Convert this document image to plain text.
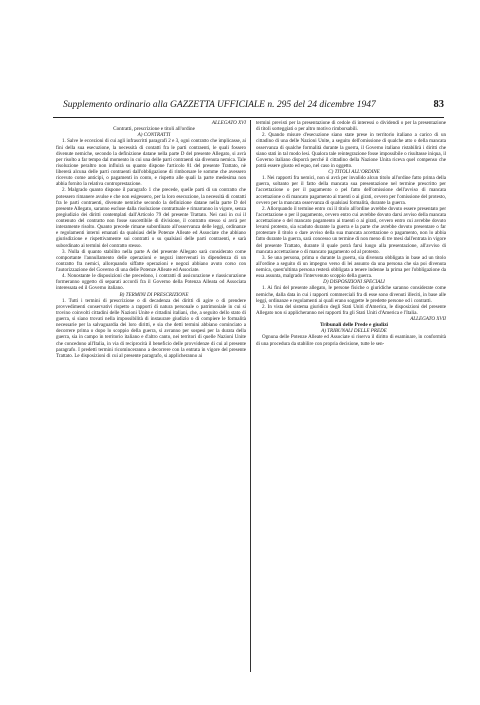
Supplemento ordinario alla GAZZETTA UFFICIALE n. 295 del 24 dicembre 1947	83

ALLEGATO XVI

Contratti, prescrizione e titoli all'ordine

A) CONTRATTI

1. Salve le eccezioni di cui agli infrascritti paragrafi 2 e 3, ogni contratto che implicasse, ai fini della sua esecuzione, la necessità di contatti fra le parti contraenti, le quali fossero divenute nemiche, secondo la definizione datane nella parte D del presente Allegato, si avrà per risolto a far tempo dal momento in cui una delle parti contraenti sia divenuta nemica. Tale risoluzione peraltro non influirà su quanto dispone l'articolo 81 del presente Trattato, nè libererà alcuna delle parti contraenti dall'obbligazione di rimborsare le somme che avessero ricevuto come anticipi, o pagamenti in conto, e rispetto alle quali la parte medesima non abbia fornito la relativa controprestazione.

2. Malgrado quanto dispone il paragrafo 1 che precede, quelle parti di un contratto che potessero rimanere avulse e che non esigessero, per la loro esecuzione, la necessità di contatti fra le parti contraenti, divenute nemiche secondo la definizione datane nella parte D del presente Allegato, saranno escluse dalla risoluzione contrattuale e rimarranno in vigore, senza pregiudizio dei diritti contemplati dall'Articolo 79 del presente Trattato. Nei casi in cui il contenuto del contratto non fosse suscettibile di divisione, il contratto stesso si avrà per interamente risolto. Quanto precede rimane subordinato all'osservanza delle leggi, ordinanze e regolamenti interni emanati da qualsiasi delle Potenze Alleate ed Associate che abbiano giurisdizione e rispettivamente sui contratti o su qualsiasi delle parti contraenti, e sarà subordinato ai termini del contratto stesso.

3. Nulla di quanto stabilito nella parte A del presente Allegato sarà considerato come comportante l'annullamento delle operazioni e negozi intervenuti in dipendenza di un contratto fra nemici, allorquando siffatte operazioni e negozi abbiano avuto corso con l'autorizzazione del Governo di una delle Potenze Alleate ed Associate.

4. Nonostante le disposizioni che precedono, i contratti di assicurazione e riassicurazione formeranno oggetto di separati accordi fra il Governo della Potenza Alleata od Associata interessata ed il Governo italiano.

B) TERMINI DI PRESCRIZIONE

1. Tutti i termini di prescrizione o di decadenza dei diritti di agire o di prendere provvedimenti conservativi rispetto a rapporti di natura personale o patrimoniale in cui si trovino coinvolti cittadini delle Nazioni Unite e cittadini italiani, che, a seguito dello stato di guerra, si siano trovati nella impossibilità di instaurare giudizio o di compiere le formalità necessarie per la salvaguardia dei loro diritti, e sia che detti termini abbiano cominciato a decorrere prima o dopo lo scoppio della guerra, si avranno per sospesi per la durata della guerra, sia in campo in territorio italiano e d'altro canto, nei territori di quelle Nazioni Unite che concedono all'Italia, in via di reciprocità il beneficio delle provvidenze di cui al presente paragrafo. I predetti termini ricominceranno a decorrere con la entrata in vigore del presente Trattato. Le disposizioni di cui al presente paragrafo, si applicheranno ai

termini previsti per la presentazione di cedole di interessi o dividendi o per la presentazione di titoli sorteggiati o per altro motivo rimborsabili.

2. Quando misure d'esecuzione siano state prese in territorio italiano a carico di un cittadino di una delle Nazioni Unite, a seguito dell'omissione di qualche atto o della mancata osservanza di qualche formalità durante la guerra, il Governo italiano ristabilirà i diritti che siano stati in tal modo lesi. Qualora tale reintegrazione fosse impossibile o risultasse iniqua, il Governo italiano disporrà perché il cittadino della Nazione Unita riceva quel compenso che potrà essere giusto ed equo, nel caso in oggetto.

C) TITOLI ALL'ORDINE

1. Nei rapporti fra nemici, non si avrà per invalido alcun titolo all'ordine fatto prima della guerra, soltanto per il fatto della mancata sua presentazione nel termine prescritto per l'accettazione o per il pagamento o pel fatto dell'omissione dell'avviso di mancata accettazione o di mancato pagamento ai traenti o ai girati, ovvero per l'omissione del protesto, ovvero per la mancata osservanza di qualsiasi formalità, durante la guerra.

2. Allorquando il termine entro cui il titolo all'ordine avrebbe dovuto essere presentato per l'accettazione o per il pagamento, ovvero entro cui avrebbe dovuto darsi avviso della mancata accettazione o del mancato pagamento ai traenti o ai girati, ovvero entro cui avrebbe dovuto levarsi protesto, sia scaduto durante la guerra e la parte che avrebbe dovuto presentare o far protestare il titolo o dare avviso della sua mancata accettazione o pagamento, non lo abbia fatto durante la guerra, sarà concesso un termine di non meno di tre mesi dall'entrata in vigore del presente Trattato, durante il quale potrà farsi luogo alla presentazione, all'avviso di mancata accettazione o di mancato pagamento od al protesto.

3. Se una persona, prima o durante la guerra, sia divenuta obbligata in base ad un titolo all'ordine a seguito di un impegno verso di lei assunto da una persona che sia poi divenuta nemica, quest'ultima persona resterà obbligata a tenere indenne la prima per l'obbligazione da essa assunta, malgrado l'intervenuto scoppio della guerra.

D) DISPOSIZIONI SPECIALI

1. Ai fini del presente allegato, le persone fisiche o giuridiche saranno considerate come nemiche, dalla data in cui i rapporti commerciali fra di esse sono divenuti illeciti, in base alle leggi, ordinanze e regolamenti ai quali erano soggette le predette persone od i contratti.

2. In vista del sistema giuridico degli Stati Uniti d'America, le disposizioni del presente Allegato non si applicheranno nei rapporti fra gli Stati Uniti d'America e l'Italia.

ALLEGATO XVII

Tribunali delle Prede e giudizi

A) TRIBUNALI DELLE PREDE

Ognuna delle Potenze Alleate ed Associate si riserva il diritto di esaminare, in conformità di una procedura da stabilire con propria decisione, tutte le sen-
